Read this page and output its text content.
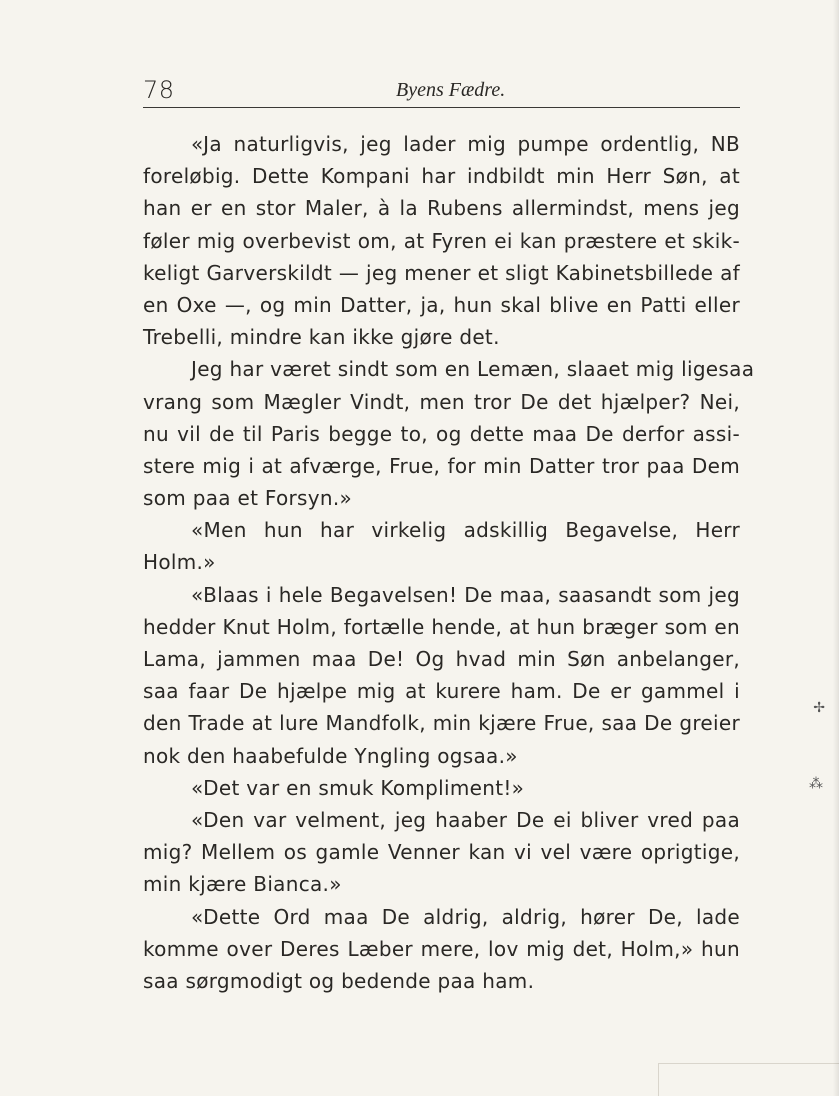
78	Byens Fædre.
«Ja naturligvis, jeg lader mig pumpe ordentlig, NB
foreløbig. Dette Kompani har indbildt min Herr Søn, at
han er en stor Maler, à la Rubens allermindst, mens jeg
føler mig overbevist om, at Fyren ei kan præstere et skik-
keligt Garverskildt — jeg mener et sligt Kabinetsbillede af
en Oxe —, og min Datter, ja, hun skal blive en Patti eller
Trebelli, mindre kan ikke gjøre det.
Jeg har været sindt som en Lemæn, slaaet mig ligesaa
vrang som Mægler Vindt, men tror De det hjælper? Nei,
nu vil de til Paris begge to, og dette maa De derfor assi-
stere mig i at afværge, Frue, for min Datter tror paa Dem
som paa et Forsyn.»
«Men hun har virkelig adskillig Begavelse, Herr
Holm.»
«Blaas i hele Begavelsen! De maa, saasandt som jeg
hedder Knut Holm, fortælle hende, at hun bræger som en
Lama, jammen maa De! Og hvad min Søn anbelanger,
saa faar De hjælpe mig at kurere ham. De er gammel i
den Trade at lure Mandfolk, min kjære Frue, saa De greier
nok den haabefulde Yngling ogsaa.»
«Det var en smuk Kompliment!»
«Den var velment, jeg haaber De ei bliver vred paa
mig? Mellem os gamle Venner kan vi vel være oprigtige,
min kjære Bianca.»
«Dette Ord maa De aldrig, aldrig, hører De, lade
komme over Deres Læber mere, lov mig det, Holm,» hun
saa sørgmodigt og bedende paa ham.
✢
⁂
